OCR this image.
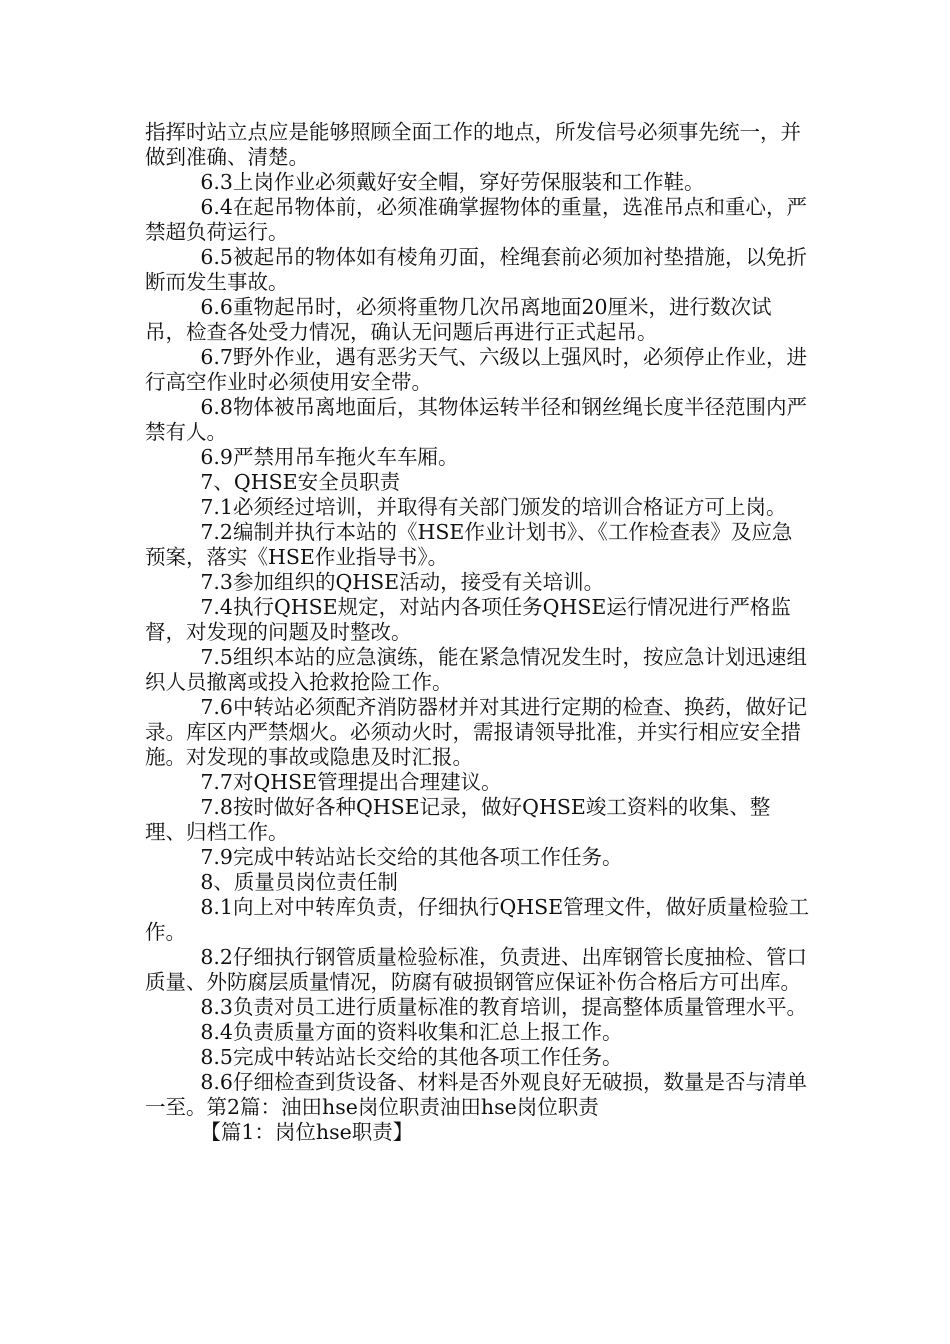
指挥时站立点应是能够照顾全面工作的地点，所发信号必须事先统一，并做到准确、清楚。

6.3上岗作业必须戴好安全帽，穿好劳保服装和工作鞋。

6.4在起吊物体前，必须准确掌握物体的重量，选准吊点和重心，严禁超负荷运行。

6.5被起吊的物体如有棱角刃面，栓绳套前必须加衬垫措施，以免折断而发生事故。

6.6重物起吊时，必须将重物几次吊离地面20厘米，进行数次试吊，检查各处受力情况，确认无问题后再进行正式起吊。

6.7野外作业，遇有恶劣天气、六级以上强风时，必须停止作业，进行高空作业时必须使用安全带。

6.8物体被吊离地面后，其物体运转半径和钢丝绳长度半径范围内严禁有人。

6.9严禁用吊车拖火车车厢。

7、QHSE安全员职责

7.1必须经过培训，并取得有关部门颁发的培训合格证方可上岗。

7.2编制并执行本站的《HSE作业计划书》、《工作检查表》及应急预案，落实《HSE作业指导书》。

7.3参加组织的QHSE活动，接受有关培训。

7.4执行QHSE规定，对站内各项任务QHSE运行情况进行严格监督，对发现的问题及时整改。

7.5组织本站的应急演练，能在紧急情况发生时，按应急计划迅速组织人员撤离或投入抢救抢险工作。

7.6中转站必须配齐消防器材并对其进行定期的检查、换药，做好记录。库区内严禁烟火。必须动火时，需报请领导批准，并实行相应安全措施。对发现的事故或隐患及时汇报。

7.7对QHSE管理提出合理建议。

7.8按时做好各种QHSE记录，做好QHSE竣工资料的收集、整理、归档工作。

7.9完成中转站站长交给的其他各项工作任务。

8、质量员岗位责任制

8.1向上对中转库负责，仔细执行QHSE管理文件，做好质量检验工作。

8.2仔细执行钢管质量检验标准，负责进、出库钢管长度抽检、管口质量、外防腐层质量情况，防腐有破损钢管应保证补伤合格后方可出库。

8.3负责对员工进行质量标准的教育培训，提高整体质量管理水平。

8.4负责质量方面的资料收集和汇总上报工作。

8.5完成中转站站长交给的其他各项工作任务。

8.6仔细检查到货设备、材料是否外观良好无破损，数量是否与清单一至。第2篇：油田hse岗位职责油田hse岗位职责

【篇1：岗位hse职责】
